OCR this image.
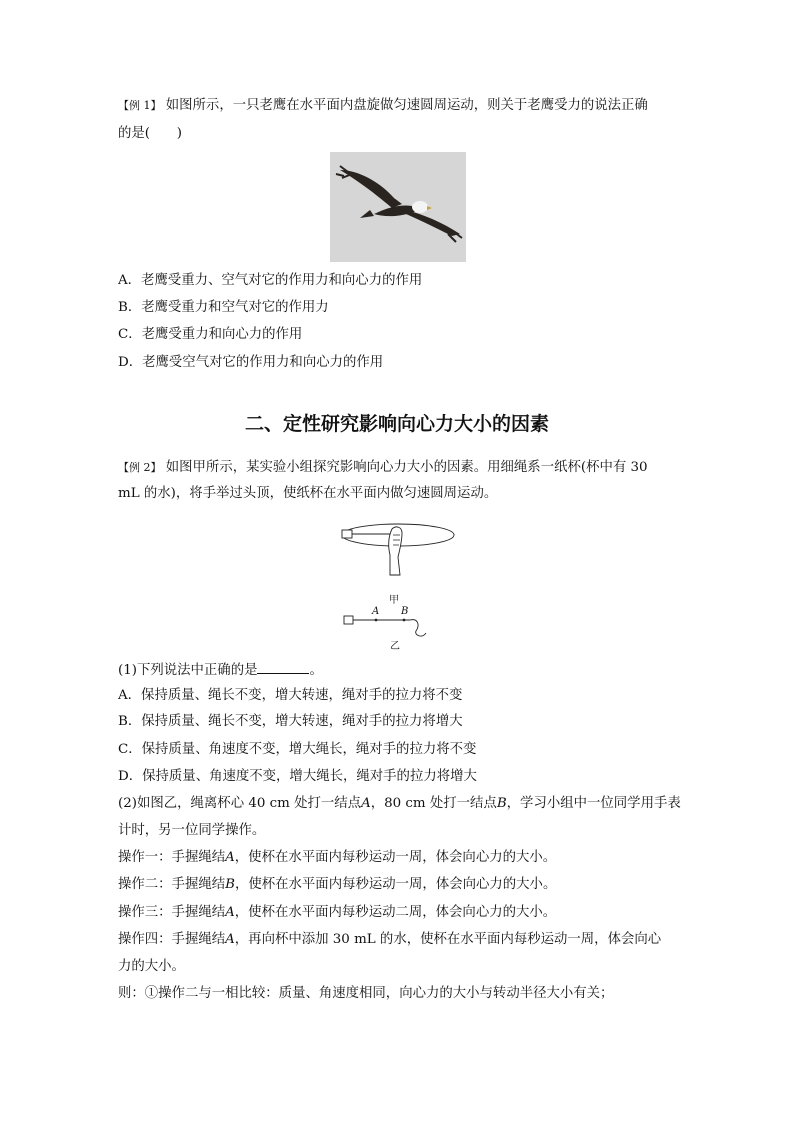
【例 1】 如图所示，一只老鹰在水平面内盘旋做匀速圆周运动，则关于老鹰受力的说法正确
的是(　　)
A．老鹰受重力、空气对它的作用力和向心力的作用
B．老鹰受重力和空气对它的作用力
C．老鹰受重力和向心力的作用
D．老鹰受空气对它的作用力和向心力的作用
二、定性研究影响向心力大小的因素
【例 2】 如图甲所示，某实验小组探究影响向心力大小的因素。用细绳系一纸杯(杯中有 30
mL 的水)，将手举过头顶，使纸杯在水平面内做匀速圆周运动。
甲
A B
乙
(1)下列说法中正确的是	。
A．保持质量、绳长不变，增大转速，绳对手的拉力将不变
B．保持质量、绳长不变，增大转速，绳对手的拉力将增大
C．保持质量、角速度不变，增大绳长，绳对手的拉力将不变
D．保持质量、角速度不变，增大绳长，绳对手的拉力将增大
(2)如图乙，绳离杯心 40 cm 处打一结点A，80 cm 处打一结点B，学习小组中一位同学用手表
计时，另一位同学操作。
操作一：手握绳结A，使杯在水平面内每秒运动一周，体会向心力的大小。
操作二：手握绳结B，使杯在水平面内每秒运动一周，体会向心力的大小。
操作三：手握绳结A，使杯在水平面内每秒运动二周，体会向心力的大小。
操作四：手握绳结A，再向杯中添加 30 mL 的水，使杯在水平面内每秒运动一周，体会向心
力的大小。
则：①操作二与一相比较：质量、角速度相同，向心力的大小与转动半径大小有关；
